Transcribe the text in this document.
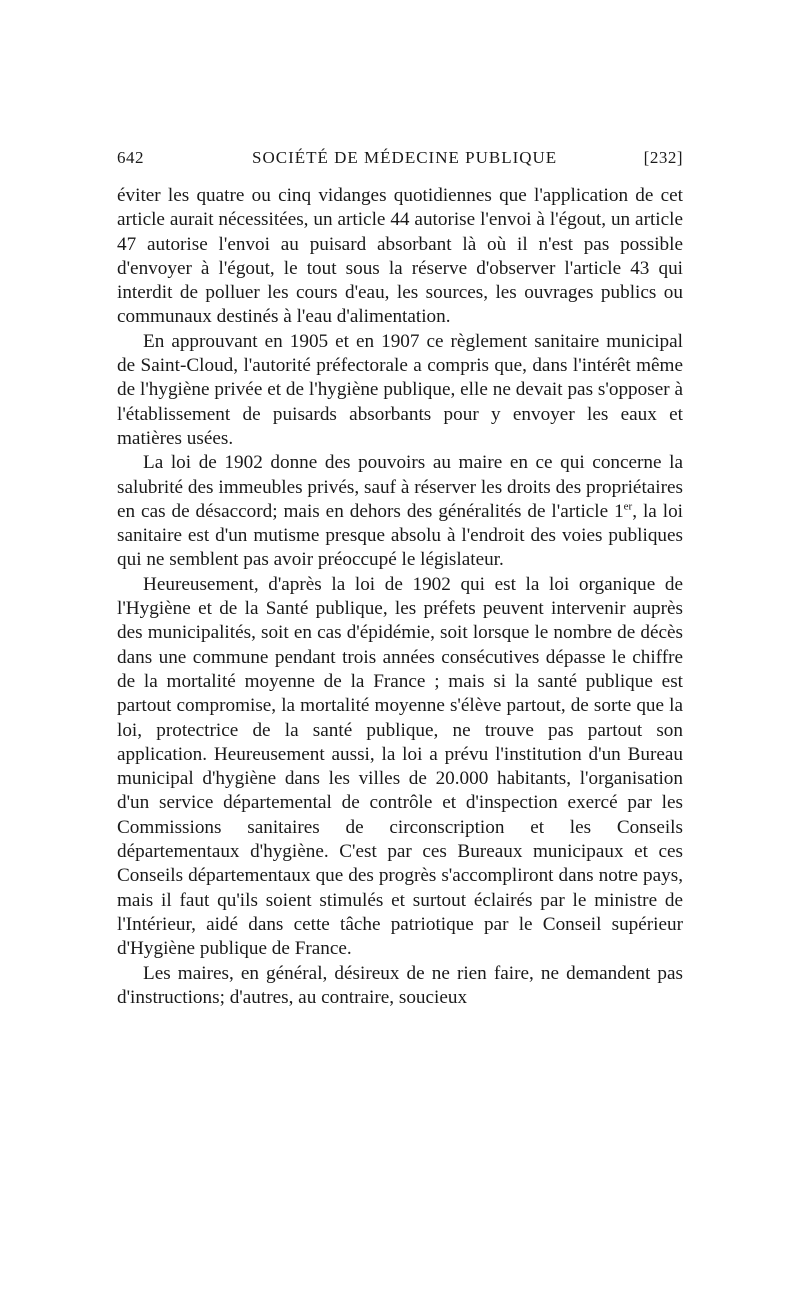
642	SOCIÉTÉ DE MÉDECINE PUBLIQUE	[232]

éviter les quatre ou cinq vidanges quotidiennes que l'application de cet article aurait nécessitées, un article 44 autorise l'envoi à l'égout, un article 47 autorise l'envoi au puisard absorbant là où il n'est pas possible d'envoyer à l'égout, le tout sous la réserve d'observer l'article 43 qui interdit de polluer les cours d'eau, les sources, les ouvrages publics ou communaux destinés à l'eau d'alimentation.

En approuvant en 1905 et en 1907 ce règlement sanitaire municipal de Saint-Cloud, l'autorité préfectorale a compris que, dans l'intérêt même de l'hygiène privée et de l'hygiène publique, elle ne devait pas s'opposer à l'établissement de puisards absorbants pour y envoyer les eaux et matières usées.

La loi de 1902 donne des pouvoirs au maire en ce qui concerne la salubrité des immeubles privés, sauf à réserver les droits des propriétaires en cas de désaccord; mais en dehors des généralités de l'article 1er, la loi sanitaire est d'un mutisme presque absolu à l'endroit des voies publiques qui ne semblent pas avoir préoccupé le législateur.

Heureusement, d'après la loi de 1902 qui est la loi organique de l'Hygiène et de la Santé publique, les préfets peuvent intervenir auprès des municipalités, soit en cas d'épidémie, soit lorsque le nombre de décès dans une commune pendant trois années consécutives dépasse le chiffre de la mortalité moyenne de la France ; mais si la santé publique est partout compromise, la mortalité moyenne s'élève partout, de sorte que la loi, protectrice de la santé publique, ne trouve pas partout son application. Heureusement aussi, la loi a prévu l'institution d'un Bureau municipal d'hygiène dans les villes de 20.000 habitants, l'organisation d'un service départemental de contrôle et d'inspection exercé par les Commissions sanitaires de circonscription et les Conseils départementaux d'hygiène. C'est par ces Bureaux municipaux et ces Conseils départementaux que des progrès s'accompliront dans notre pays, mais il faut qu'ils soient stimulés et surtout éclairés par le ministre de l'Intérieur, aidé dans cette tâche patriotique par le Conseil supérieur d'Hygiène publique de France.

Les maires, en général, désireux de ne rien faire, ne demandent pas d'instructions; d'autres, au contraire, soucieux
